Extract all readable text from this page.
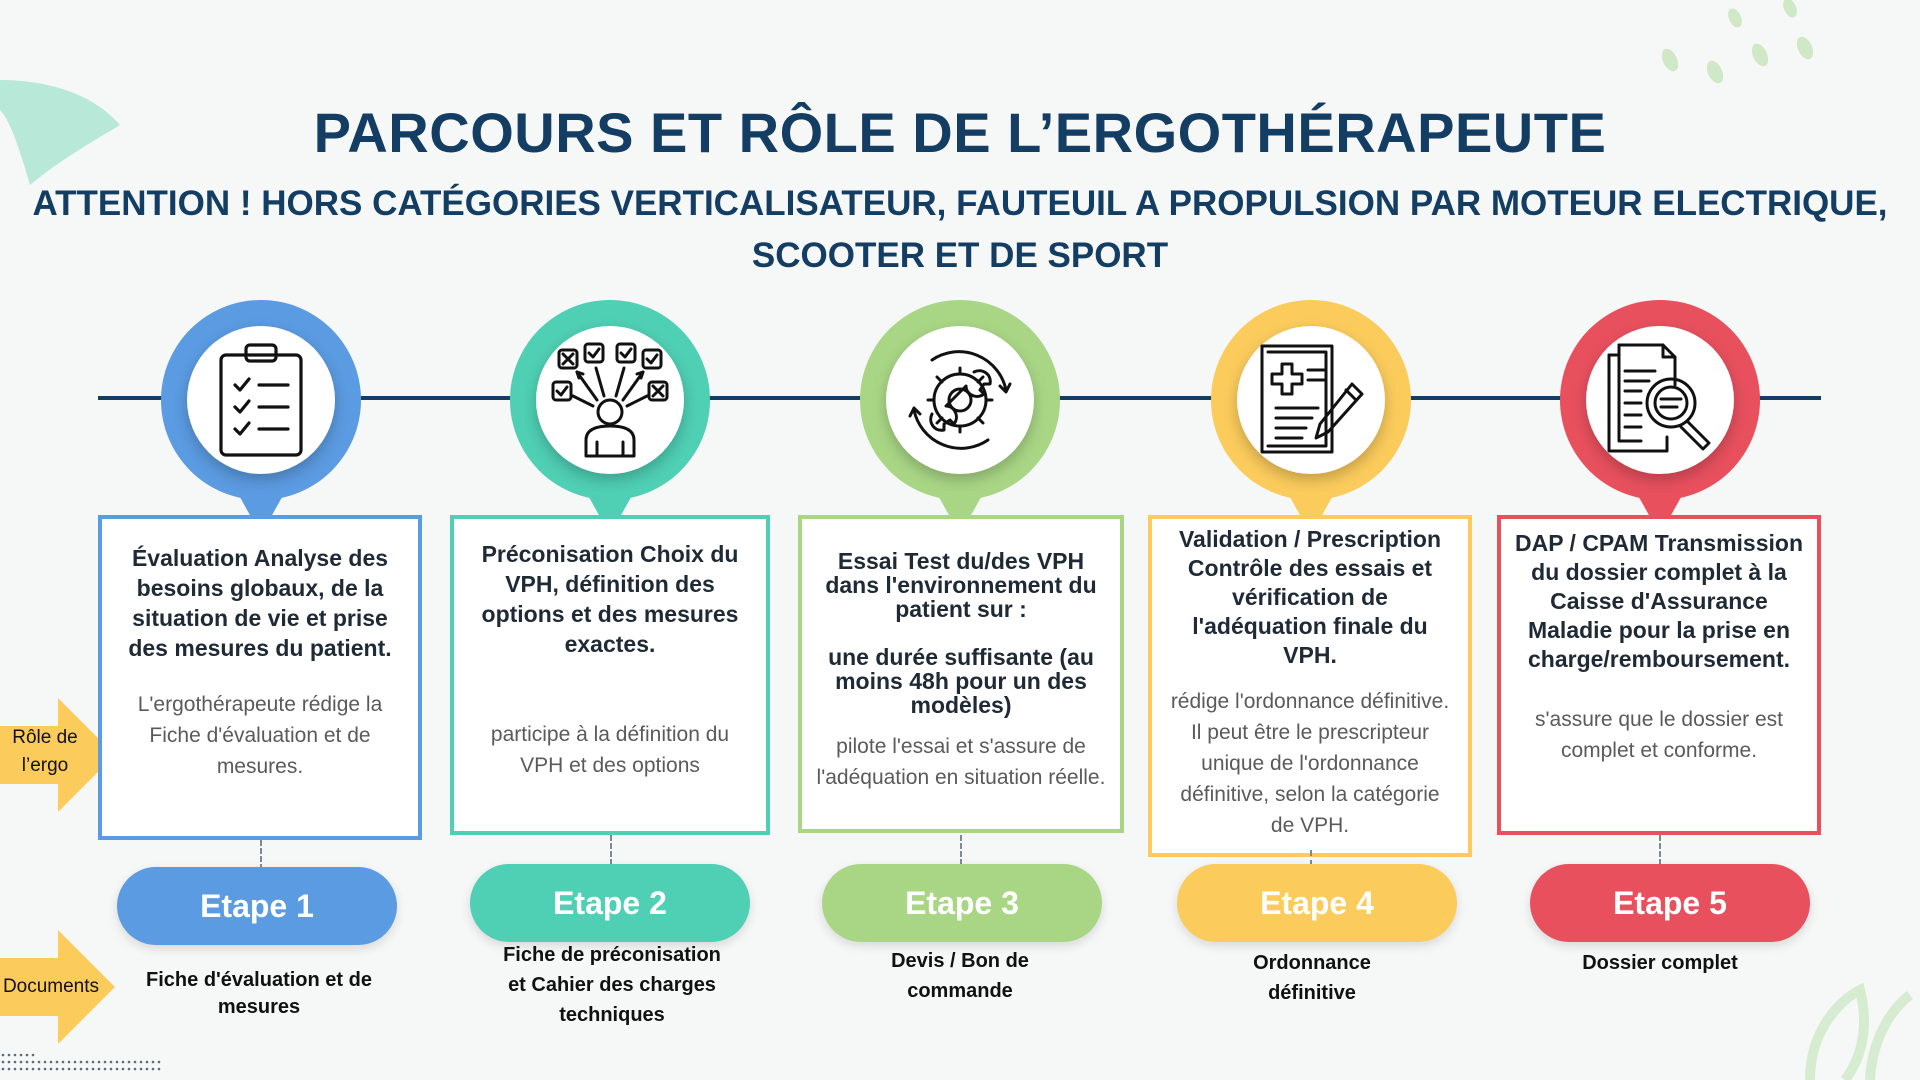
PARCOURS ET RÔLE DE L’ERGOTHÉRAPEUTE

ATTENTION ! HORS CATÉGORIES VERTICALISATEUR, FAUTEUIL A PROPULSION PAR MOTEUR ELECTRIQUE, SCOOTER ET DE SPORT

Rôle de l’ergo
Documents
Évaluation Analyse des besoins globaux, de la situation de vie et prise des mesures du patient.

L'ergothérapeute rédige la Fiche d'évaluation et de mesures.

Etape 1
Fiche d'évaluation et de mesures
Préconisation Choix du VPH, définition des options et des mesures exactes.

participe à la définition du VPH et des options

Etape 2
Fiche de préconisation et Cahier des charges techniques
Essai Test du/des VPH dans l'environnement du patient sur :
une durée suffisante (au moins 48h pour un des modèles)

pilote l'essai et s'assure de l'adéquation en situation réelle.

Etape 3
Devis / Bon de commande
Validation / Prescription Contrôle des essais et vérification de l'adéquation finale du VPH.

rédige l'ordonnance définitive. Il peut être le prescripteur unique de l'ordonnance définitive, selon la catégorie de VPH.

Etape 4
Ordonnance définitive
DAP / CPAM Transmission du dossier complet à la Caisse d'Assurance Maladie pour la prise en charge/remboursement.

s'assure que le dossier est complet et conforme.

Etape 5
Dossier complet
